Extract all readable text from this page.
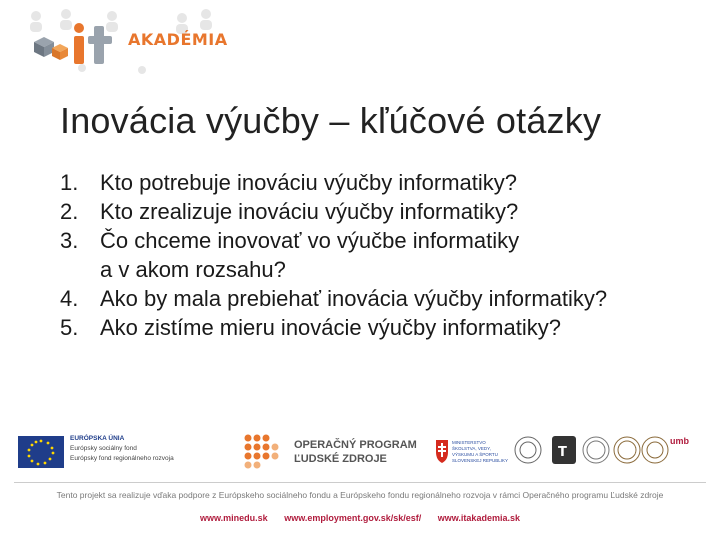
AKADÉMIA
Inovácia výučby – kľúčové otázky
1. Kto potrebuje inováciu výučby informatiky?
2. Kto zrealizuje inováciu výučby informatiky?
3. Čo chceme inovovať vo výučbe informatiky
a v akom rozsahu?
4. Ako by mala prebiehať inovácia výučby informatiky?
5. Ako zistíme mieru inovácie výučby informatiky?
T
EURÓPSKA ÚNIA
Európsky sociálny fond
Európsky fond regionálneho rozvoja
OPERAČNÝ PROGRAM
ĽUDSKÉ ZDROJE
MINISTERSTVO
ŠKOLSTVA, VEDY,
VÝSKUMU A ŠPORTU
SLOVENSKEJ REPUBLIKY
umb
Tento projekt sa realizuje vďaka podpore z Európskeho sociálneho fondu a Európskeho fondu regionálneho rozvoja v rámci Operačného programu Ľudské zdroje
www.minedu.sk www.employment.gov.sk/sk/esf/ www.itakademia.sk
